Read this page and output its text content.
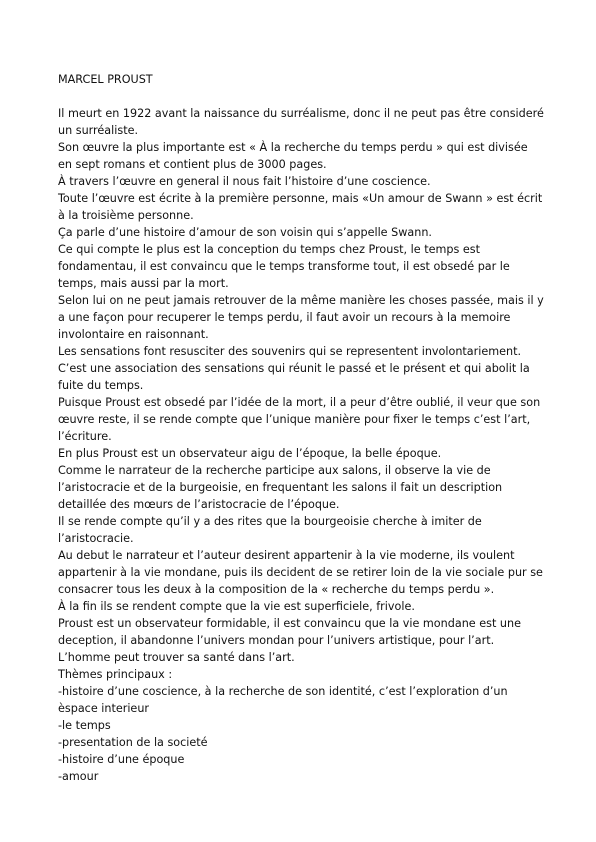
MARCEL PROUST

Il meurt en 1922 avant la naissance du surréalisme, donc il ne peut pas être consideré un surréaliste.

Son œuvre la plus importante est « À la recherche du temps perdu » qui est divisée en sept romans et contient plus de 3000 pages.

À travers l’œuvre en general il nous fait l’histoire d’une coscience.

Toute l’œuvre est écrite à la première personne, mais «Un amour de Swann » est écrit à la troisième personne.

Ça parle d’une histoire d’amour de son voisin qui s’appelle Swann.

Ce qui compte le plus est la conception du temps chez Proust, le temps est fondamentau, il est convaincu que le temps transforme tout, il est obsedé par le temps, mais aussi par la mort.

Selon lui on ne peut jamais retrouver de la même manière les choses passée, mais il y a une façon pour recuperer le temps perdu, il faut avoir un recours à la memoire involontaire en raisonnant.

Les sensations font resusciter des souvenirs qui se representent involontariement.

C’est une association des sensations qui réunit le passé et le présent et qui abolit la fuite du temps.

Puisque Proust est obsedé par l’idée de la mort, il a peur d’être oublié, il veur que son œuvre reste, il se rende compte que l’unique manière pour fixer le temps c’est l’art, l’écriture.

En plus Proust est un observateur aigu de l’époque, la belle époque.

Comme le narrateur de la recherche participe aux salons, il observe la vie de l’aristocracie et de la burgeoisie, en frequentant les salons il fait un description detaillée des mœurs de l’aristocracie de l’époque.

Il se rende compte qu’il y a des rites que la bourgeoisie cherche à imiter de l’aristocracie.

Au debut le narrateur et l’auteur desirent appartenir à la vie moderne, ils voulent appartenir à la vie mondane, puis ils decident de se retirer loin de la vie sociale pur se consacrer tous les deux à la composition de la « recherche du temps perdu ».

À la fin ils se rendent compte que la vie est superficiele, frivole.

Proust est un observateur formidable, il est convaincu que la vie mondane est une deception, il abandonne l’univers mondan pour l’univers artistique, pour l’art.

L’homme peut trouver sa santé dans l’art.

Thèmes principaux :

-histoire d’une coscience, à la recherche de son identité, c’est l’exploration d’un èspace interieur

-le temps

-presentation de la societé

-histoire d’une époque

-amour
